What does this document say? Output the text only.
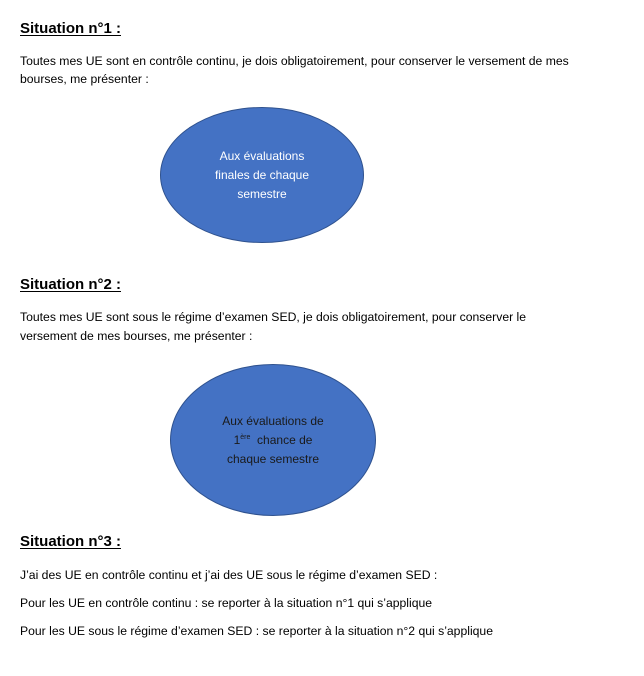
Situation n°1 :

Toutes mes UE sont en contrôle continu, je dois obligatoirement, pour conserver le versement de mes

bourses, me présenter :

Aux évaluations
finales de chaque
semestre
Situation n°2 :

Toutes mes UE sont sous le régime d’examen SED, je dois obligatoirement, pour conserver le

versement de mes bourses, me présenter :

Aux évaluations de
1ère  chance de
chaque semestre
Situation n°3 :

J’ai des UE en contrôle continu et j’ai des UE sous le régime d’examen SED :

Pour les UE en contrôle continu : se reporter à la situation n°1 qui s’applique

Pour les UE sous le régime d’examen SED : se reporter à la situation n°2 qui s’applique
